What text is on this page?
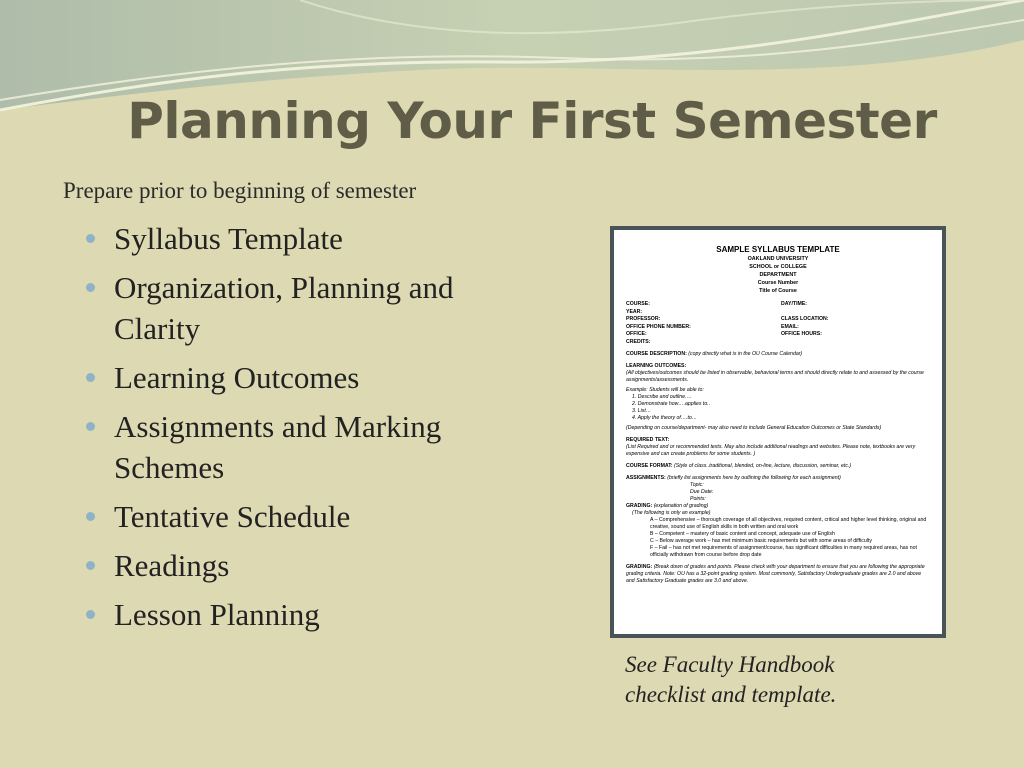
Planning Your First Semester
Prepare prior to beginning of semester
Syllabus Template
Organization, Planning and Clarity
Learning Outcomes
Assignments and Marking Schemes
Tentative Schedule
Readings
Lesson Planning
SAMPLE SYLLABUS TEMPLATE
OAKLAND UNIVERSITY
SCHOOL or COLLEGE
DEPARTMENT
Course Number
Title of Course
COURSE:
YEAR:
PROFESSOR:
OFFICE PHONE NUMBER:
OFFICE:
CREDITS:
DAY/TIME:

CLASS LOCATION:
EMAIL:
OFFICE HOURS:
COURSE DESCRIPTION: (copy directly what is in the OU Course Calendar)
LEARNING OUTCOMES:
(All objectives/outcomes should be listed in observable, behavioral terms and should directly relate to and assessed by the course assignments/assessments.
Example: Students will be able to:
1. Describe and outline….
2. Demonstrate how….applies to..
3. List…
4. Apply the theory of….to…
(Depending on course/department- may also need to include General Education Outcomes or State Standards)
REQUIRED TEXT:
(List Required and or recommended texts. May also include additional readings and websites. Please note, textbooks are very expensive and can create problems for some students. )
COURSE FORMAT: (Style of class..traditional, blended, on-line, lecture, discussion, seminar, etc.)
ASSIGNMENTS: (briefly list assignments here by outlining the following for each assignment)
Topic:
Due Date:
Points:
GRADING: (explanation of grading)
(The following is only an example)
A – Comprehensive – thorough coverage of all objectives, required content, critical and higher level thinking, original and creative, sound use of English skills in both written and oral work
B – Competent – mastery of basic content and concept, adequate use of English
C – Below average work – has met minimum basic requirements but with some areas of difficulty
F – Fail – has not met requirements of assignment/course, has significant difficulties in many required areas, has not officially withdrawn from course before drop date
GRADING: (Break down of grades and points. Please check with your department to ensure that you are following the appropriate grading criteria. Note: OU has a 32-point grading system. Most commonly, Satisfactory Undergraduate grades are 2.0 and above and Satisfactory Graduate grades are 3.0 and above.
See Faculty Handbook
checklist and template.
